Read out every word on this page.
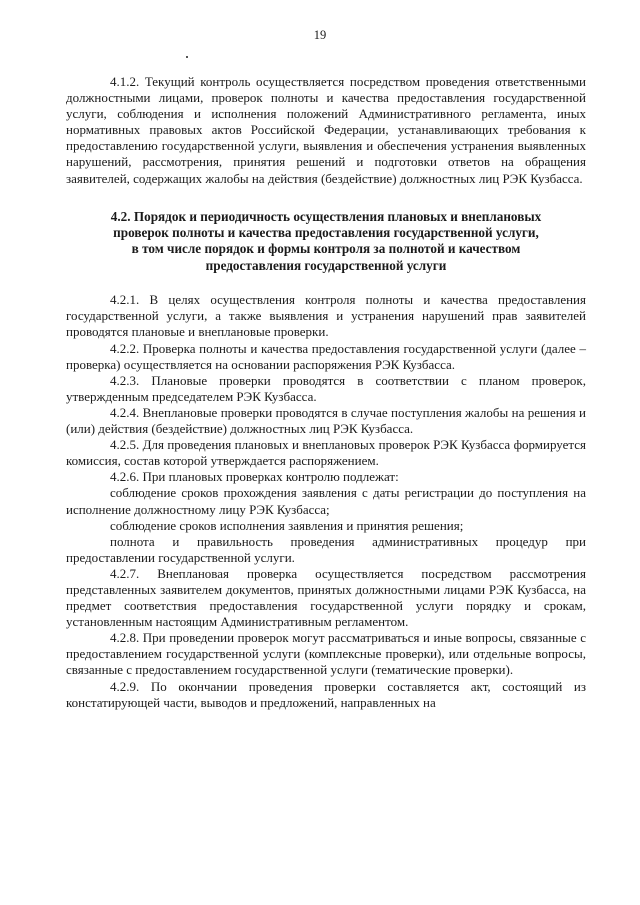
19

4.1.2. Текущий контроль осуществляется посредством проведения ответственными должностными лицами, проверок полноты и качества предоставления государственной услуги, соблюдения и исполнения положений Административного регламента, иных нормативных правовых актов Российской Федерации, устанавливающих требования к предоставлению государственной услуги, выявления и обеспечения устранения выявленных нарушений, рассмотрения, принятия решений и подготовки ответов на обращения заявителей, содержащих жалобы на действия (бездействие) должностных лиц РЭК Кузбасса.

4.2. Порядок и периодичность осуществления плановых и внеплановых
проверок полноты и качества предоставления государственной услуги,
в том числе порядок и формы контроля за полнотой и качеством
предоставления государственной услуги

4.2.1. В целях осуществления контроля полноты и качества предоставления государственной услуги, а также выявления и устранения нарушений прав заявителей проводятся плановые и внеплановые проверки.

4.2.2. Проверка полноты и качества предоставления государственной услуги (далее – проверка) осуществляется на основании распоряжения РЭК Кузбасса.

4.2.3. Плановые проверки проводятся в соответствии с планом проверок, утвержденным председателем РЭК Кузбасса.

4.2.4. Внеплановые проверки проводятся в случае поступления жалобы на решения и (или) действия (бездействие) должностных лиц РЭК Кузбасса.

4.2.5. Для проведения плановых и внеплановых проверок РЭК Кузбасса формируется комиссия, состав которой утверждается распоряжением.

4.2.6. При плановых проверках контролю подлежат:

соблюдение сроков прохождения заявления с даты регистрации до поступления на исполнение должностному лицу РЭК Кузбасса;

соблюдение сроков исполнения заявления и принятия решения;

полнота и правильность проведения административных процедур при предоставлении государственной услуги.

4.2.7. Внеплановая проверка осуществляется посредством рассмотрения представленных заявителем документов, принятых должностными лицами РЭК Кузбасса, на предмет соответствия предоставления государственной услуги порядку и срокам, установленным настоящим Административным регламентом.

4.2.8. При проведении проверок могут рассматриваться и иные вопросы, связанные с предоставлением государственной услуги (комплексные проверки), или отдельные вопросы, связанные с предоставлением государственной услуги (тематические проверки).

4.2.9. По окончании проведения проверки составляется акт, состоящий из констатирующей части, выводов и предложений, направленных на
